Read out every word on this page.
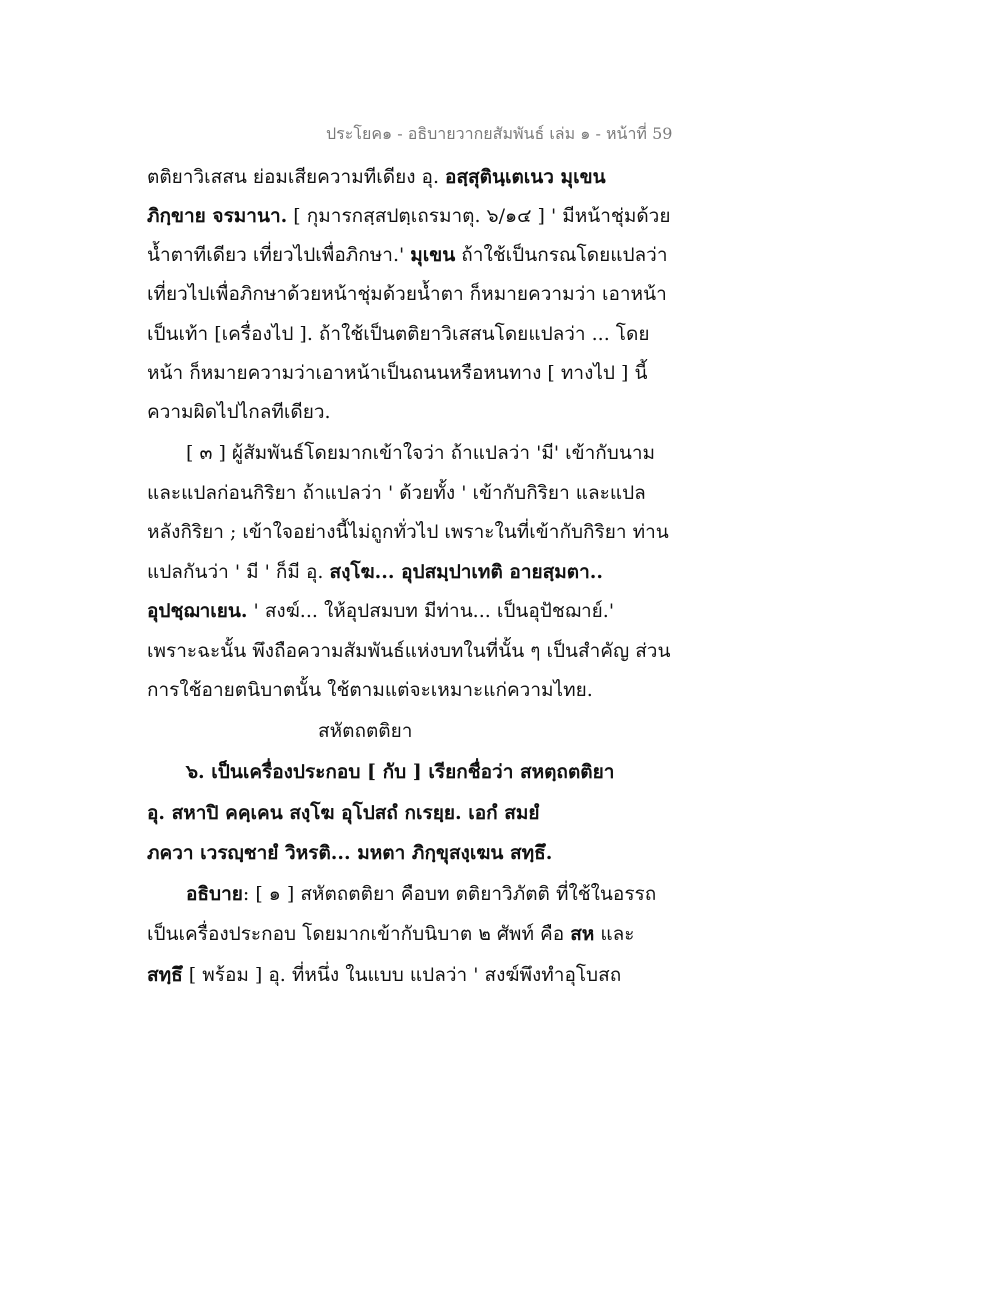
ประโยค๑ - อธิบายวากยสัมพันธ์ เล่ม ๑ - หน้าที่ 59
ตติยาวิเสสน ย่อมเสียความทีเดียง อุ. อสฺสุตินฺเตเนว มุเขน
ภิกฺขาย จรมานา. [ กุมารกสฺสปตฺเถรมาตุ. ๖/๑๔ ] ' มีหน้าชุ่มด้วย
น้ำตาทีเดียว เที่ยวไปเพื่อภิกษา.' มุเขน ถ้าใช้เป็นกรณโดยแปลว่า
เที่ยวไปเพื่อภิกษาด้วยหน้าชุ่มด้วยน้ำตา ก็หมายความว่า เอาหน้า
เป็นเท้า [เครื่องไป ]. ถ้าใช้เป็นตติยาวิเสสนโดยแปลว่า ... โดย
หน้า ก็หมายความว่าเอาหน้าเป็นถนนหรือหนทาง [ ทางไป ] นี้
ความผิดไปไกลทีเดียว.
[ ๓ ] ผู้สัมพันธ์โดยมากเข้าใจว่า ถ้าแปลว่า 'มี' เข้ากับนาม
และแปลก่อนกิริยา ถ้าแปลว่า ' ด้วยทั้ง ' เข้ากับกิริยา และแปล
หลังกิริยา ; เข้าใจอย่างนี้ไม่ถูกทั่วไป เพราะในที่เข้ากับกิริยา ท่าน
แปลกันว่า ' มี ' ก็มี อุ. สงฺโฆ... อุปสมฺปาเทติ อายสฺมตา..
อุปชฺฌาเยน. ' สงฆ์... ให้อุปสมบท มีท่าน... เป็นอุปัชฌาย์.'
เพราะฉะนั้น พึงถือความสัมพันธ์แห่งบทในที่นั้น ๆ เป็นสำคัญ ส่วน
การใช้อายตนิบาตนั้น ใช้ตามแต่จะเหมาะแก่ความไทย.
สหัตถตติยา
๖. เป็นเครื่องประกอบ [ กับ ] เรียกชื่อว่า สหตฺถตติยา
อุ. สหาปิ คคฺเคน สงฺโฆ อุโปสถํ กเรยฺย. เอกํ สมยํ
ภควา เวรญฺชายํ วิหรติ... มหตา ภิกฺขุสงฺเฆน สทฺธึ.
อธิบาย: [ ๑ ] สหัตถตติยา คือบท ตติยาวิภัตติ ที่ใช้ในอรรถ
เป็นเครื่องประกอบ โดยมากเข้ากับนิบาต ๒ ศัพท์ คือ สห และ
สทฺธึ [ พร้อม ] อุ. ที่หนึ่ง ในแบบ แปลว่า ' สงฆ์พึงทำอุโบสถ
